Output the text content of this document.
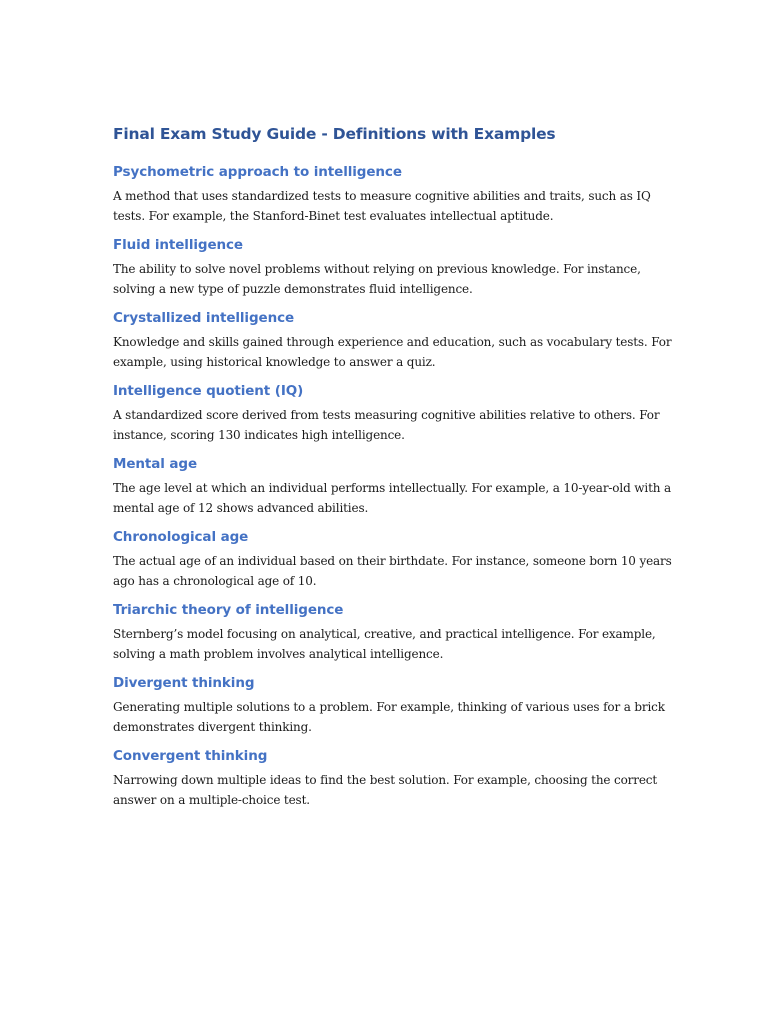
Final Exam Study Guide - Definitions with Examples
Psychometric approach to intelligence

A method that uses standardized tests to measure cognitive abilities and traits, such as IQ tests. For example, the Stanford-Binet test evaluates intellectual aptitude.

Fluid intelligence

The ability to solve novel problems without relying on previous knowledge. For instance, solving a new type of puzzle demonstrates fluid intelligence.

Crystallized intelligence

Knowledge and skills gained through experience and education, such as vocabulary tests. For example, using historical knowledge to answer a quiz.

Intelligence quotient (IQ)

A standardized score derived from tests measuring cognitive abilities relative to others. For instance, scoring 130 indicates high intelligence.

Mental age

The age level at which an individual performs intellectually. For example, a 10-year-old with a mental age of 12 shows advanced abilities.

Chronological age

The actual age of an individual based on their birthdate. For instance, someone born 10 years ago has a chronological age of 10.

Triarchic theory of intelligence

Sternberg’s model focusing on analytical, creative, and practical intelligence. For example, solving a math problem involves analytical intelligence.

Divergent thinking

Generating multiple solutions to a problem. For example, thinking of various uses for a brick demonstrates divergent thinking.

Convergent thinking

Narrowing down multiple ideas to find the best solution. For example, choosing the correct answer on a multiple-choice test.
